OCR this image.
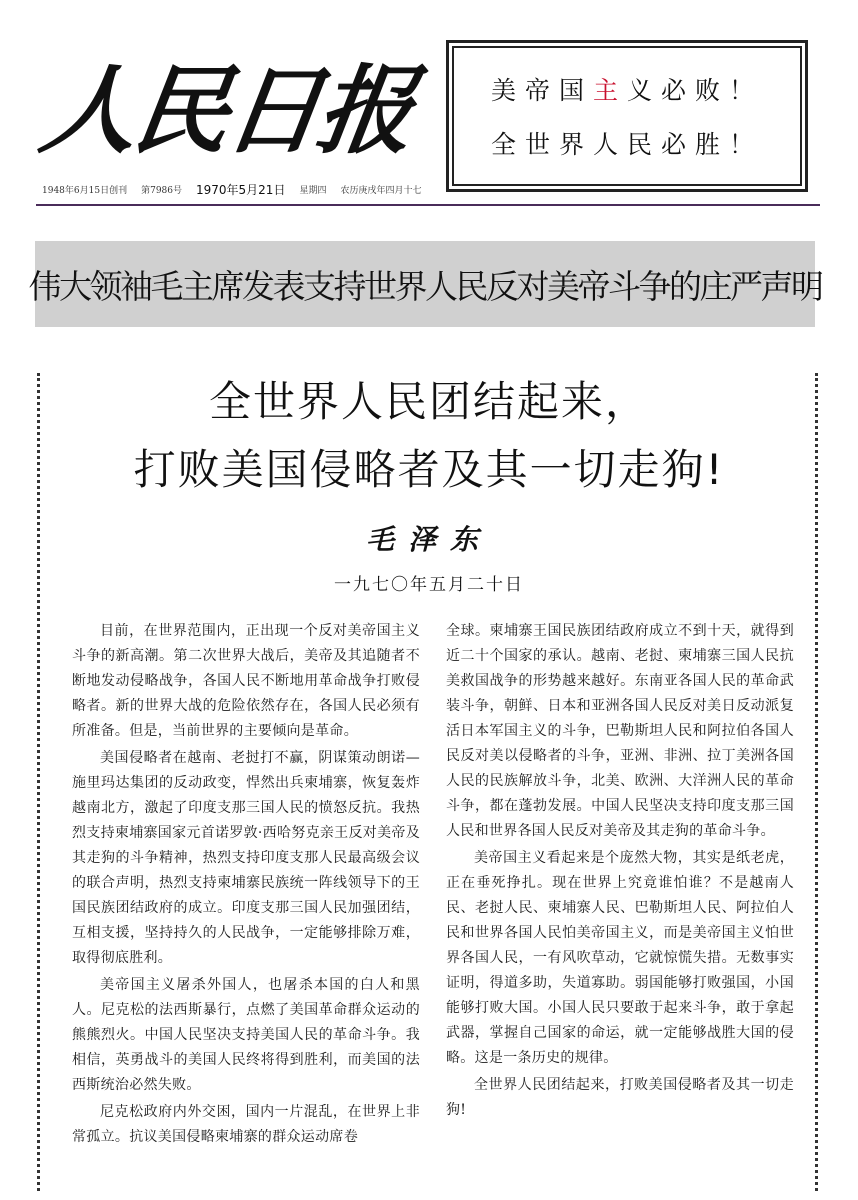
人民日报	美帝国主义必败！
全世界人民必胜！
1948年6月15日创刊 第7986号 1970年5月21日 星期四 农历庚戌年四月十七
伟大领袖毛主席发表支持世界人民反对美帝斗争的庄严声明
全世界人民团结起来，
打败美国侵略者及其一切走狗!
毛泽东
一九七〇年五月二十日

目前，在世界范围内，正出现一个反对美帝国主义斗争的新高潮。第二次世界大战后，美帝及其追随者不断地发动侵略战争，各国人民不断地用革命战争打败侵略者。新的世界大战的危险依然存在，各国人民必须有所准备。但是，当前世界的主要倾向是革命。

美国侵略者在越南、老挝打不赢，阴谋策动朗诺—施里玛达集团的反动政变，悍然出兵柬埔寨，恢复轰炸越南北方，激起了印度支那三国人民的愤怒反抗。我热烈支持柬埔寨国家元首诺罗敦·西哈努克亲王反对美帝及其走狗的斗争精神，热烈支持印度支那人民最高级会议的联合声明，热烈支持柬埔寨民族统一阵线领导下的王国民族团结政府的成立。印度支那三国人民加强团结，互相支援，坚持持久的人民战争，一定能够排除万难，取得彻底胜利。

美帝国主义屠杀外国人，也屠杀本国的白人和黑人。尼克松的法西斯暴行，点燃了美国革命群众运动的熊熊烈火。中国人民坚决支持美国人民的革命斗争。我相信，英勇战斗的美国人民终将得到胜利，而美国的法西斯统治必然失败。

尼克松政府内外交困，国内一片混乱，在世界上非常孤立。抗议美国侵略柬埔寨的群众运动席卷

全球。柬埔寨王国民族团结政府成立不到十天，就得到近二十个国家的承认。越南、老挝、柬埔寨三国人民抗美救国战争的形势越来越好。东南亚各国人民的革命武装斗争，朝鲜、日本和亚洲各国人民反对美日反动派复活日本军国主义的斗争，巴勒斯坦人民和阿拉伯各国人民反对美以侵略者的斗争，亚洲、非洲、拉丁美洲各国人民的民族解放斗争，北美、欧洲、大洋洲人民的革命斗争，都在蓬勃发展。中国人民坚决支持印度支那三国人民和世界各国人民反对美帝及其走狗的革命斗争。

美帝国主义看起来是个庞然大物，其实是纸老虎，正在垂死挣扎。现在世界上究竟谁怕谁？不是越南人民、老挝人民、柬埔寨人民、巴勒斯坦人民、阿拉伯人民和世界各国人民怕美帝国主义，而是美帝国主义怕世界各国人民，一有风吹草动，它就惊慌失措。无数事实证明，得道多助，失道寡助。弱国能够打败强国，小国能够打败大国。小国人民只要敢于起来斗争，敢于拿起武器，掌握自己国家的命运，就一定能够战胜大国的侵略。这是一条历史的规律。

全世界人民团结起来，打败美国侵略者及其一切走狗!
